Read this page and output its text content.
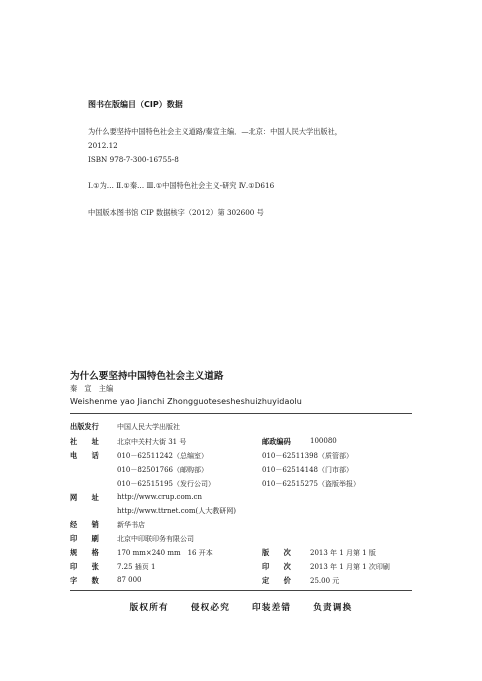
图书在版编目（CIP）数据
为什么要坚持中国特色社会主义道路/秦宣主编．—北京：中国人民大学出版社，
2012.12
ISBN 978-7-300-16755-8
Ⅰ.①为… Ⅱ.①秦… Ⅲ.①中国特色社会主义-研究 Ⅳ.①D616
中国版本图书馆 CIP 数据核字（2012）第 302600 号
为什么要坚持中国特色社会主义道路
秦　宣　主编
Weishenme yao Jianchi Zhongguotesesheshuizhuyidaolu
出版发行	中国人民大学出版社
社　　址	北京中关村大街 31 号	邮政编码	100080
电　　话	010－62511242（总编室）	010－62511398（质管部）
010－82501766（邮购部）	010－62514148（门市部）
010－62515195（发行公司）	010－62515275（盗版举报）
网　　址	http://www.crup.com.cn
http://www.ttrnet.com(人大教研网)
经　　销	新华书店
印　　刷	北京中印联印务有限公司
规　　格	170 mm×240 mm　16 开本	版　　次	2013 年 1 月第 1 版
印　　张	7.25 插页 1	印　　次	2013 年 1 月第 1 次印刷
字　　数	87 000	定　　价	25.00 元
版权所有	侵权必究	印装差错	负责调换
